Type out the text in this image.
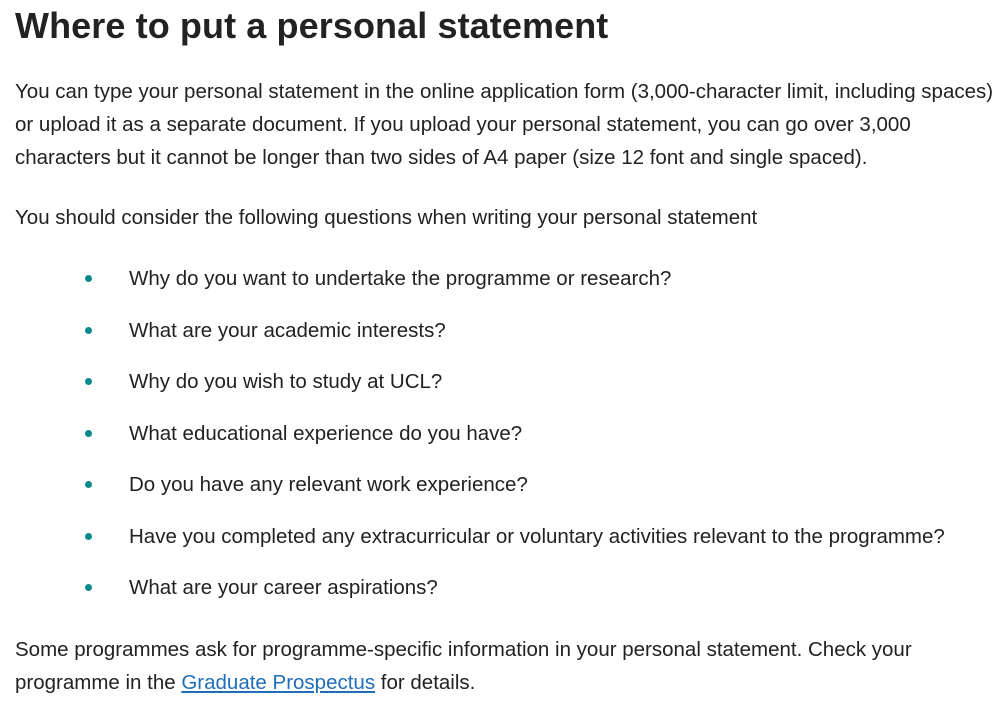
Where to put a personal statement

You can type your personal statement in the online application form (3,000-character limit, including spaces) or upload it as a separate document. If you upload your personal statement, you can go over 3,000 characters but it cannot be longer than two sides of A4 paper (size 12 font and single spaced).

You should consider the following questions when writing your personal statement

Why do you want to undertake the programme or research?
What are your academic interests?
Why do you wish to study at UCL?
What educational experience do you have?
Do you have any relevant work experience?
Have you completed any extracurricular or voluntary activities relevant to the programme?
What are your career aspirations?

Some programmes ask for programme-specific information in your personal statement. Check your programme in the Graduate Prospectus for details.
